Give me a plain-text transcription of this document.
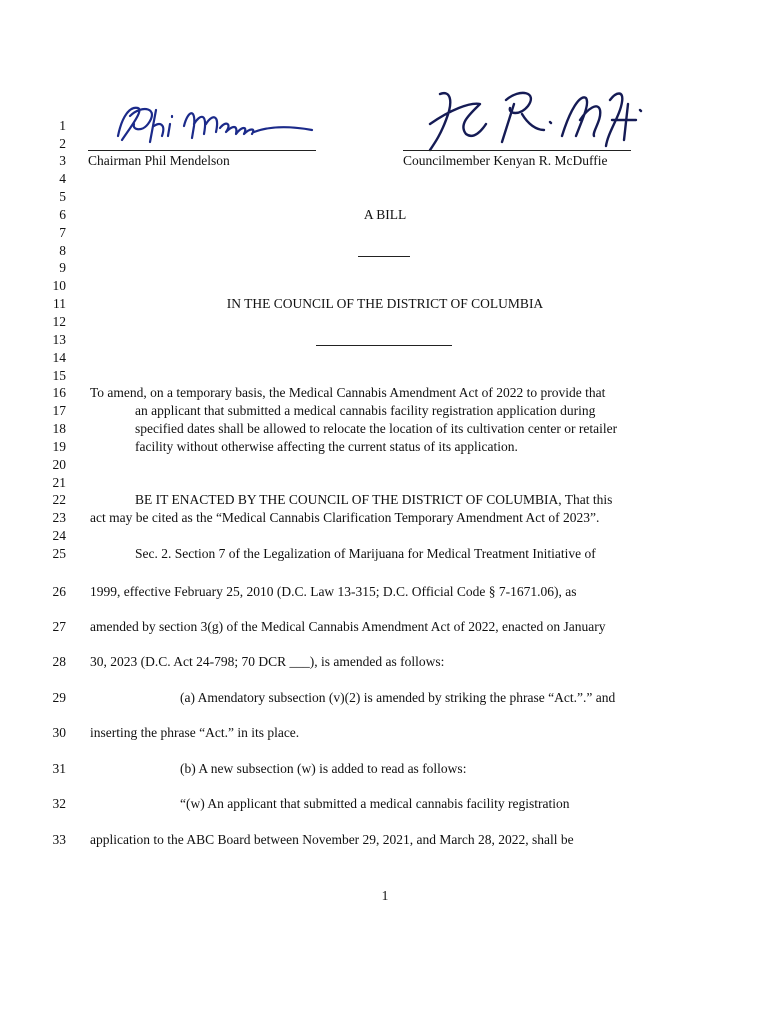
1
2
3
4
5
6
7
8
9
10
11
12
13
14
15
16
17
18
19
20
21
22
23
24
25
26
27
28
29
30
31
32
33
Chairman Phil Mendelson	Councilmember Kenyan R. McDuffie
A BILL
IN THE COUNCIL OF THE DISTRICT OF COLUMBIA
To amend, on a temporary basis, the Medical Cannabis Amendment Act of 2022 to provide that
an applicant that submitted a medical cannabis facility registration application during
specified dates shall be allowed to relocate the location of its cultivation center or retailer
facility without otherwise affecting the current status of its application.
BE IT ENACTED BY THE COUNCIL OF THE DISTRICT OF COLUMBIA, That this
act may be cited as the “Medical Cannabis Clarification Temporary Amendment Act of 2023”.
Sec. 2. Section 7 of the Legalization of Marijuana for Medical Treatment Initiative of
1999, effective February 25, 2010 (D.C. Law 13-315; D.C. Official Code § 7-1671.06), as
amended by section 3(g) of the Medical Cannabis Amendment Act of 2022, enacted on January
30, 2023 (D.C. Act 24-798; 70 DCR ___), is amended as follows:
(a) Amendatory subsection (v)(2) is amended by striking the phrase “Act.”.” and
inserting the phrase “Act.” in its place.
(b) A new subsection (w) is added to read as follows:
“(w) An applicant that submitted a medical cannabis facility registration
application to the ABC Board between November 29, 2021, and March 28, 2022, shall be
1
